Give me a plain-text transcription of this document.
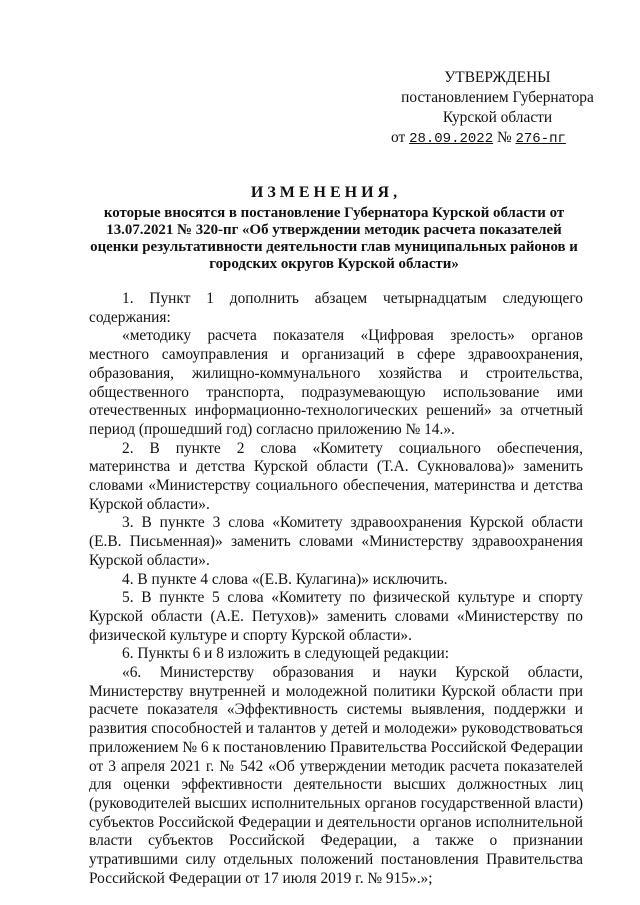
УТВЕРЖДЕНЫ
постановлением Губернатора
Курской области
от 28.09.2022 № 276-пг
ИЗМЕНЕНИЯ,
которые вносятся в постановление Губернатора Курской области от 13.07.2021 № 320-пг «Об утверждении методик расчета показателей оценки результативности деятельности глав муниципальных районов и городских округов Курской области»

1. Пункт 1 дополнить абзацем четырнадцатым следующего содержания:

«методику расчета показателя «Цифровая зрелость» органов местного самоуправления и организаций в сфере здравоохранения, образования, жилищно-коммунального хозяйства и строительства, общественного транспорта, подразумевающую использование ими отечественных информационно-технологических решений» за отчетный период (прошедший год) согласно приложению № 14.».

2. В пункте 2 слова «Комитету социального обеспечения, материнства и детства Курской области (Т.А. Сукновалова)» заменить словами «Министерству социального обеспечения, материнства и детства Курской области».

3. В пункте 3 слова «Комитету здравоохранения Курской области (Е.В. Письменная)» заменить словами «Министерству здравоохранения Курской области».

4. В пункте 4 слова «(Е.В. Кулагина)» исключить.

5. В пункте 5 слова «Комитету по физической культуре и спорту Курской области (А.Е. Петухов)» заменить словами «Министерству по физической культуре и спорту Курской области».

6. Пункты 6 и 8 изложить в следующей редакции:

«6. Министерству образования и науки Курской области, Министерству внутренней и молодежной политики Курской области при расчете показателя «Эффективность системы выявления, поддержки и развития способностей и талантов у детей и молодежи» руководствоваться приложением № 6 к постановлению Правительства Российской Федерации от 3 апреля 2021 г. № 542 «Об утверждении методик расчета показателей для оценки эффективности деятельности высших должностных лиц (руководителей высших исполнительных органов государственной власти) субъектов Российской Федерации и деятельности органов исполнительной власти субъектов Российской Федерации, а также о признании утратившими силу отдельных положений постановления Правительства Российской Федерации от 17 июля 2019 г. № 915».»;
